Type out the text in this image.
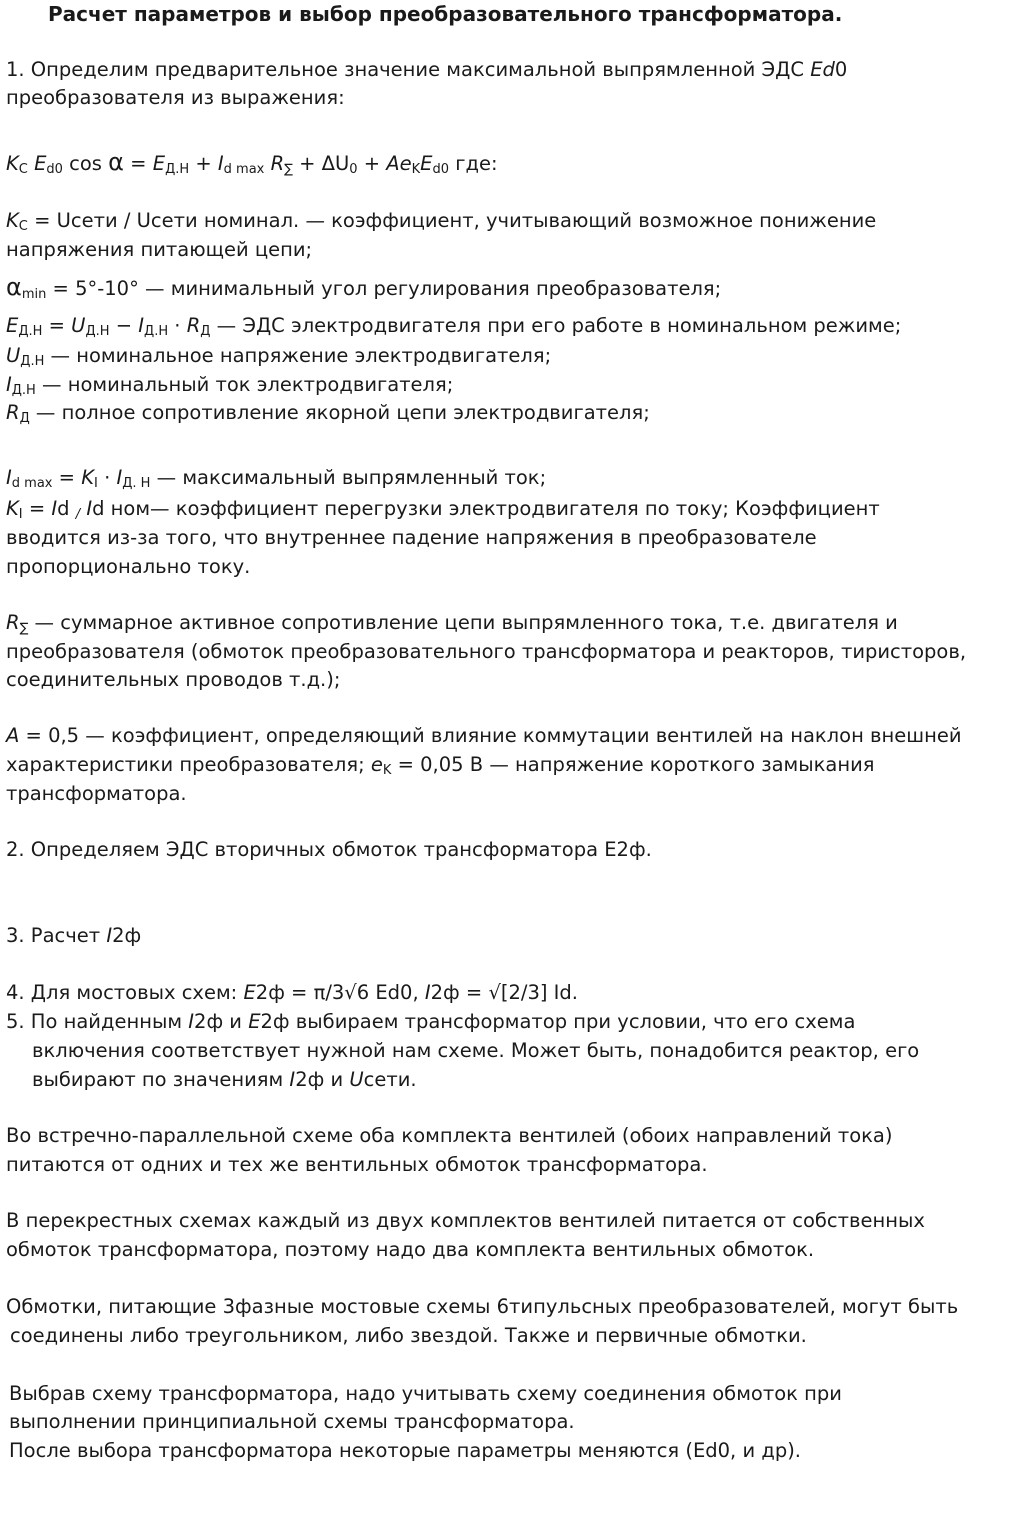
Расчет параметров и выбор преобразовательного трансформатора.
1. Определим предварительное значение максимальной выпрямленной ЭДС Ed0
преобразователя из выражения:
$K_C$ $E_{d0}$ $\cos \alpha = E_{Д.Н} + I_{d max}$ $R_\sum + \Delta U_0 + Ae_KE_{d0}$ где:
$K_C$ = Uсети / Uсети номинал. — коэффициент, учитывающий возможное понижение
напряжения питающей цепи;
$\alpha_{min} = 5^\circ-10^\circ$ — минимальный угол регулирования преобразователя;
$E_{Д.Н} = U_{Д.Н} - I_{Д.Н} \cdot R_Д$ — ЭДС электродвигателя при его работе в номинальном режиме;
$U_{Д.Н}$ — номинальное напряжение электродвигателя;
$I_{Д.Н}$ — номинальный ток электродвигателя;
$R_Д$ — полное сопротивление якорной цепи электродвигателя;
$I_{d max} = K_I \cdot I_{Д. Н}$ — максимальный выпрямленный ток;
$K_I = Id$ $_/$ Id ном— коэффициент перегрузки электродвигателя по току; Коэффициент
вводится из-за того, что внутреннее падение напряжения в преобразователе
пропорционально току.
$R_\sum$ — суммарное активное сопротивление цепи выпрямленного тока, т.е. двигателя и
преобразователя (обмоток преобразовательного трансформатора и реакторов, тиристоров,
соединительных проводов т.д.);
A = 0,5 — коэффициент, определяющий влияние коммутации вентилей на наклон внешней
характеристики преобразователя; $e_K = 0,05$ В — напряжение короткого замыкания
трансформатора.
2. Определяем ЭДС вторичных обмоток трансформатора E2ф.
3. Расчет I2ф
4. Для мостовых схем: E2ф = π/3√6 Ed0, I2ф = √[2/3] Id.
5. По найденным I2ф и E2ф выбираем трансформатор при условии, что его схема
включения соответствует нужной нам схеме. Может быть, понадобится реактор, его
выбирают по значениям I2ф и Uсети.
Во встречно-параллельной схеме оба комплекта вентилей (обоих направлений тока)
питаются от одних и тех же вентильных обмоток трансформатора.
В перекрестных схемах каждый из двух комплектов вентилей питается от собственных
обмоток трансформатора, поэтому надо два комплекта вентильных обмоток.
Обмотки, питающие 3фазные мостовые схемы 6типульсных преобразователей, могут быть
соединены либо треугольником, либо звездой. Также и первичные обмотки.
Выбрав схему трансформатора, надо учитывать схему соединения обмоток при
выполнении принципиальной схемы трансформатора.
После выбора трансформатора некоторые параметры меняются (Ed0, и др).
